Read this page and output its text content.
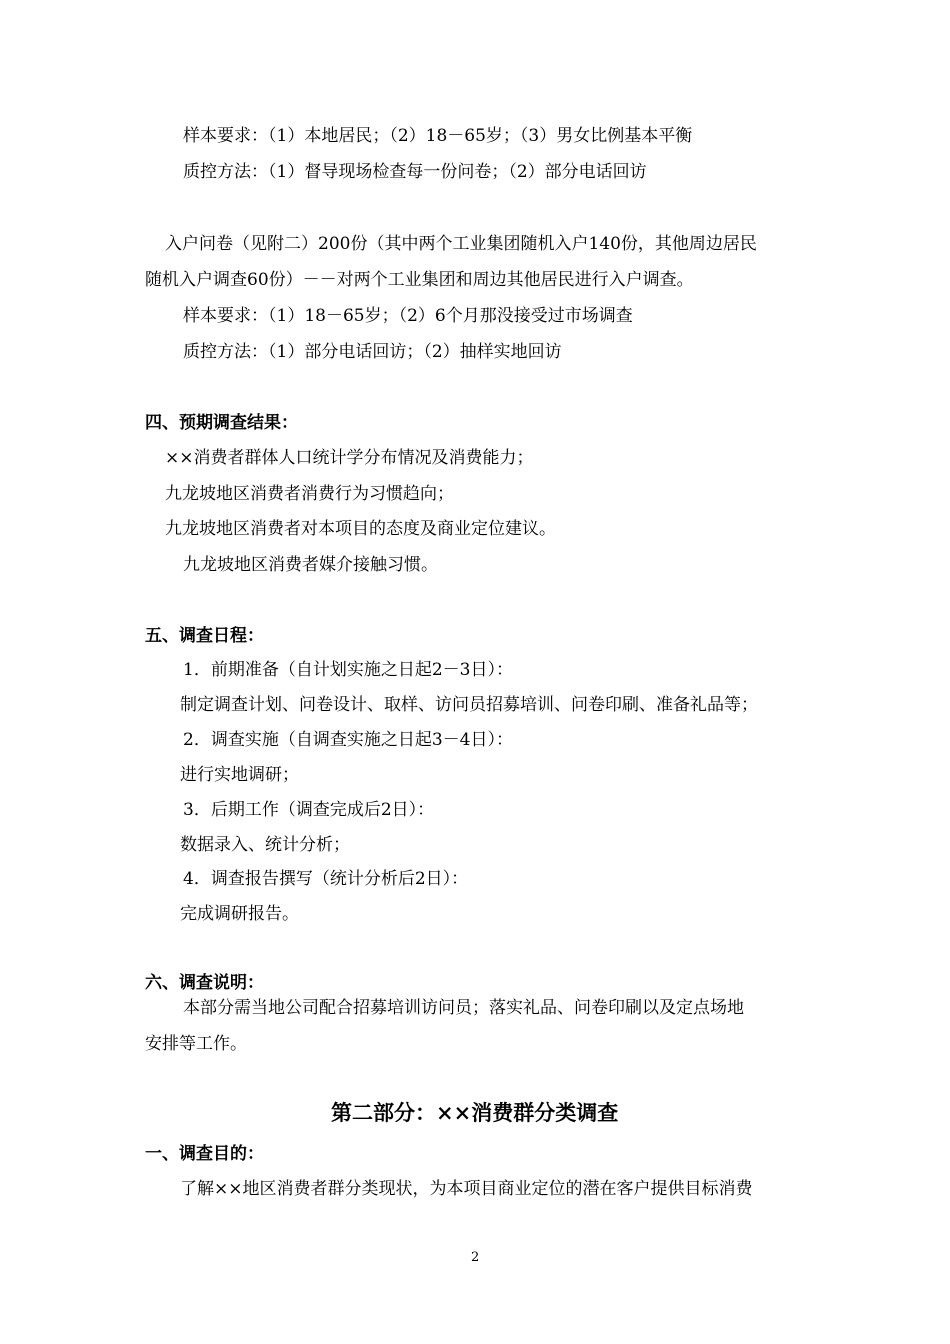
样本要求：（1）本地居民；（2）18－65岁；（3）男女比例基本平衡
质控方法：（1）督导现场检查每一份问卷；（2）部分电话回访
入户问卷（见附二）200份（其中两个工业集团随机入户140份，其他周边居民
随机入户调查60份）－－对两个工业集团和周边其他居民进行入户调查。
样本要求：（1）18－65岁；（2）6个月那没接受过市场调查
质控方法：（1）部分电话回访；（2）抽样实地回访
四、预期调查结果：
××消费者群体人口统计学分布情况及消费能力；
九龙坡地区消费者消费行为习惯趋向；
九龙坡地区消费者对本项目的态度及商业定位建议。
九龙坡地区消费者媒介接触习惯。
五、调查日程：
1．前期准备（自计划实施之日起2－3日）：
制定调查计划、问卷设计、取样、访问员招募培训、问卷印刷、准备礼品等；
2．调查实施（自调查实施之日起3－4日）：
进行实地调研；
3．后期工作（调查完成后2日）：
数据录入、统计分析；
4．调查报告撰写（统计分析后2日）：
完成调研报告。
六、调查说明：
本部分需当地公司配合招募培训访问员；落实礼品、问卷印刷以及定点场地
安排等工作。
第二部分：××消费群分类调查
一、调查目的：
了解××地区消费者群分类现状，为本项目商业定位的潜在客户提供目标消费
2
